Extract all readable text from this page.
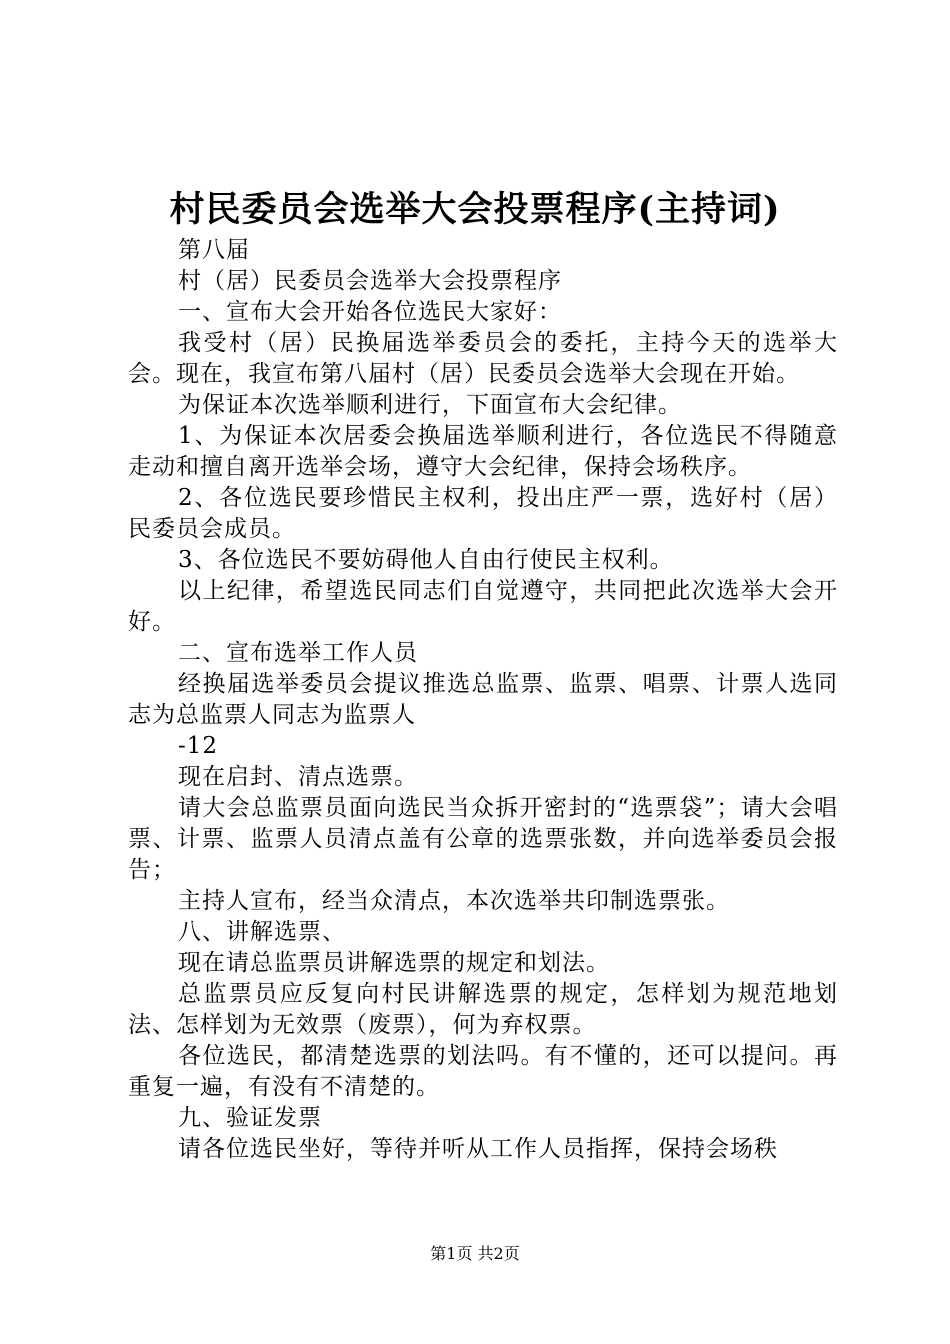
村民委员会选举大会投票程序(主持词)

第八届

村（居）民委员会选举大会投票程序

一、宣布大会开始各位选民大家好：

我受村（居）民换届选举委员会的委托，主持今天的选举大会。现在，我宣布第八届村（居）民委员会选举大会现在开始。

为保证本次选举顺利进行，下面宣布大会纪律。

1、为保证本次居委会换届选举顺利进行，各位选民不得随意走动和擅自离开选举会场，遵守大会纪律，保持会场秩序。

2、各位选民要珍惜民主权利，投出庄严一票，选好村（居）民委员会成员。

3、各位选民不要妨碍他人自由行使民主权利。

以上纪律，希望选民同志们自觉遵守，共同把此次选举大会开好。

二、宣布选举工作人员

经换届选举委员会提议推选总监票、监票、唱票、计票人选同志为总监票人同志为监票人

-12

现在启封、清点选票。

请大会总监票员面向选民当众拆开密封的“选票袋”；请大会唱票、计票、监票人员清点盖有公章的选票张数，并向选举委员会报告；

主持人宣布，经当众清点，本次选举共印制选票张。

八、讲解选票、

现在请总监票员讲解选票的规定和划法。

总监票员应反复向村民讲解选票的规定，怎样划为规范地划法、怎样划为无效票（废票），何为弃权票。

各位选民，都清楚选票的划法吗。有不懂的，还可以提问。再重复一遍，有没有不清楚的。

九、验证发票

请各位选民坐好，等待并听从工作人员指挥，保持会场秩

第1页 共2页
